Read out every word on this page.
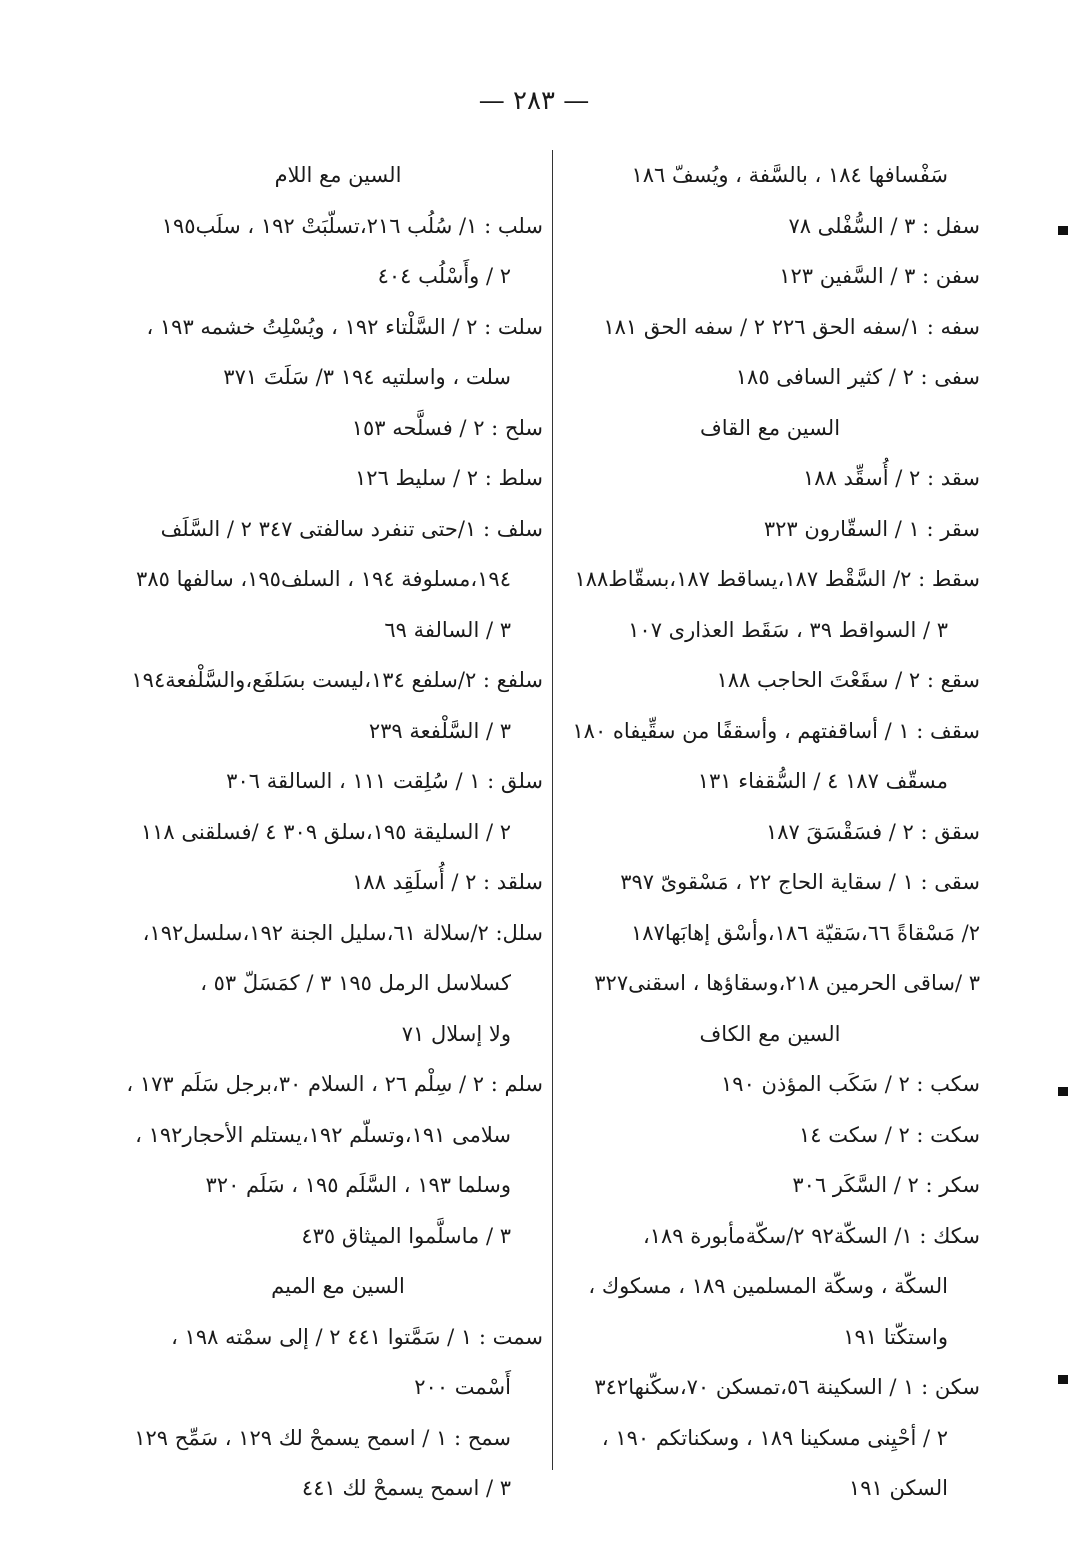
— ٢٨٣ —
سَفْسافها ١٨٤ ، بالسَّفة ، ويُسفّ ١٨٦
سفل : ٣ / السُّفْلى ٧٨
سفن : ٣ / السَّفين ١٢٣
سفه : ١/سفه الحق ٢٢٦ ٢ / سفه الحق ١٨١
سفى : ٢ / كثير السافى ١٨٥
السين مع القاف
سقد : ٢ / أُسقِّد ١٨٨
سقر : ١ / السقّارون ٣٢٣
سقط : ٢/ السَّقْط ١٨٧،يساقط ١٨٧،بسقّاط١٨٨
٣ / السواقط ٣٩ ، سَقَط العذارى ١٠٧
سقع : ٢ / سقَعْتَ الحاجب ١٨٨
سقف : ١ / أساقفتهم ، وأسقفًا من سقِّيفاه ١٨٠
مسقّف ١٨٧ ٤ / السُّقفاء ١٣١
سقق : ٢ / فسَقْسَقَ ١٨٧
سقى : ١ / سقاية الحاج ٢٢ ، مَسْقوىّ ٣٩٧
٢/ مَسْقاةً ٦٦،سَقيّة ١٨٦،وأسْق إهابَها١٨٧
٣ /ساقى الحرمين ٢١٨،وسقاؤها ، اسقنى٣٢٧
السين مع الكاف
سكب : ٢ / سَكَب المؤذن ١٩٠
سكت : ٢ / سكت ١٤
سكر : ٢ / السَّكَر ٣٠٦
سكك : ١/ السكّة٩٢ ٢/سكّةمأبورة ١٨٩،
السكّة ، وسكّة المسلمين ١٨٩ ، مسكوك ،
واستكّتا ١٩١
سكن : ١ / السكينة ٥٦،تمسكن ٧٠،سكّنها٣٤٢
٢ / أحْيِنى مسكينا ١٨٩ ، وسكناتكم ١٩٠ ،
السكن ١٩١
السين مع اللام
سلب : ١/ سُلُب ٢١٦،تسلّبَتْ ١٩٢ ، سلَب١٩٥
٢ / وأَسْلُب ٤٠٤
سلت : ٢ / السَّلْتاء ١٩٢ ، ويُسْلِتُ خشمه ١٩٣ ،
سلت ، واسلتيه ١٩٤ ٣/ سَلَتَ ٣٧١
سلح : ٢ / فسلَّحه ١٥٣
سلط : ٢ / سليط ١٢٦
سلف : ١/حتى تنفرد سالفتى ٣٤٧ ٢ / السَّلَف
١٩٤،مسلوفة ١٩٤ ، السلف١٩٥، سالفها ٣٨٥
٣ / السالفة ٦٩
سلفع : ٢/سلفع ١٣٤،ليست بسَلفَع،والسَّلْفعة١٩٤
٣ / السَّلْفعة ٢٣٩
سلق : ١ / سُلِقت ١١١ ، السالقة ٣٠٦
٢ / السليقة ١٩٥،سلق ٣٠٩ ٤ /فسلقنى ١١٨
سلقد : ٢ / أُسلَقِد ١٨٨
سلل: ٢/سلالة ٦١،سليل الجنة ١٩٢،سلسل١٩٢،
كسلاسل الرمل ١٩٥ ٣ / كمَسَلّ ٥٣ ،
ولا إسلال ٧١
سلم : ٢ / سِلْم ٢٦ ، السلام ٣٠،برجل سَلَم ١٧٣ ،
سلامى ١٩١،وتسلّم ١٩٢،يستلم الأحجار١٩٢ ،
وسلما ١٩٣ ، السَّلَم ١٩٥ ، سَلَم ٣٢٠
٣ / ماسلَّموا الميثاق ٤٣٥
السين مع الميم
سمت : ١ / سَمَّتوا ٤٤١ ٢ / إلى سمْته ١٩٨ ،
أَسْمت ٢٠٠
سمح : ١ / اسمح يسمحْ لك ١٢٩ ، سَمِّح ١٢٩
٣ / اسمح يسمحْ لك ٤٤١
